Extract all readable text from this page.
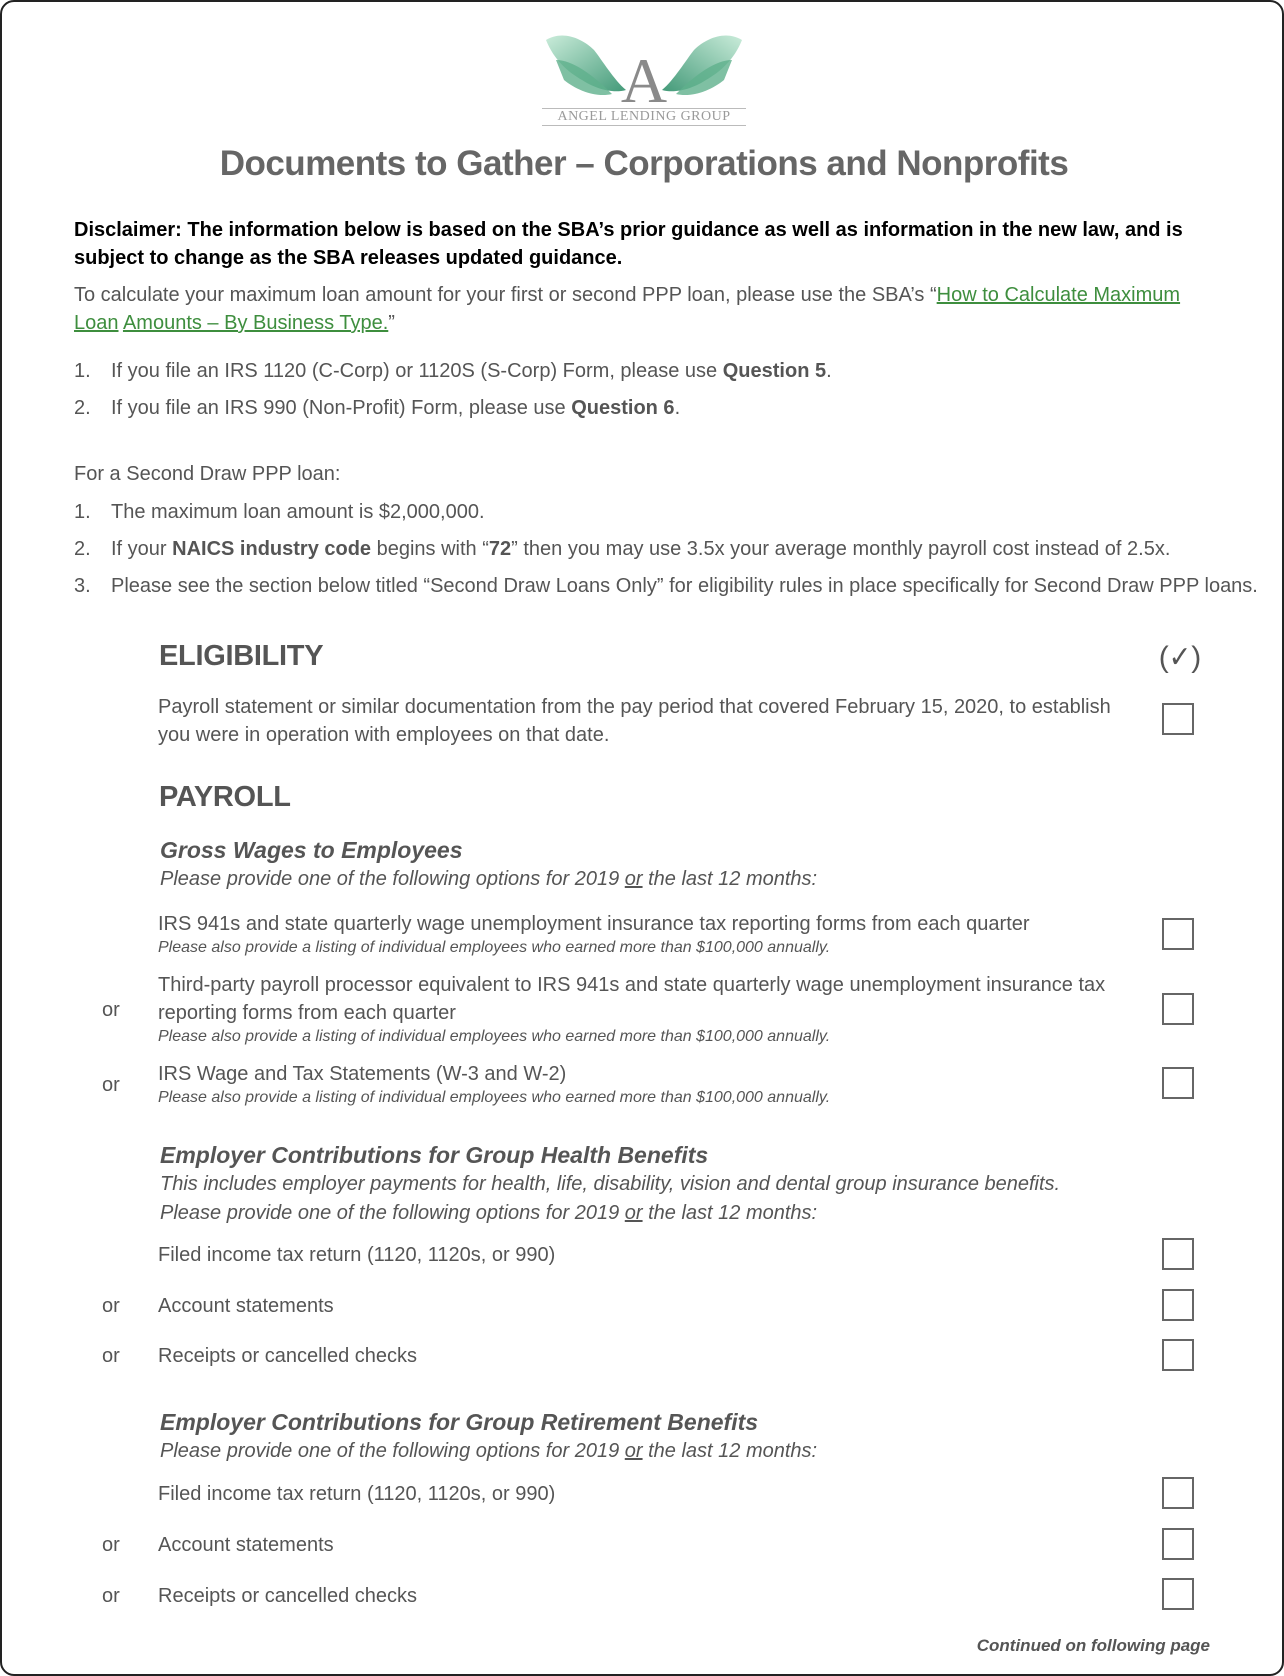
A
ANGEL LENDING GROUP
Documents to Gather – Corporations and Nonprofits

Disclaimer: The information below is based on the SBA’s prior guidance as well as information in the new law, and is subject to change as the SBA releases updated guidance.

To calculate your maximum loan amount for your first or second PPP loan, please use the SBA’s “How to Calculate Maximum Loan Amounts – By Business Type.”

1. If you file an IRS 1120 (C-Corp) or 1120S (S-Corp) Form, please use Question 5.
2. If you file an IRS 990 (Non-Profit) Form, please use Question 6.

For a Second Draw PPP loan:

1. The maximum loan amount is $2,000,000.
2. If your NAICS industry code begins with “72” then you may use 3.5x your average monthly payroll cost instead of 2.5x.
3. Please see the section below titled “Second Draw Loans Only” for eligibility rules in place specifically for Second Draw PPP loans.
ELIGIBILITY	(✓)
Payroll statement or similar documentation from the pay period that covered February 15, 2020, to establish you were in operation with employees on that date.
PAYROLL
Gross Wages to Employees
Please provide one of the following options for 2019 or the last 12 months:
IRS 941s and state quarterly wage unemployment insurance tax reporting forms from each quarter
Please also provide a listing of individual employees who earned more than $100,000 annually.
or
Third-party payroll processor equivalent to IRS 941s and state quarterly wage unemployment insurance tax reporting forms from each quarter
Please also provide a listing of individual employees who earned more than $100,000 annually.
or IRS Wage and Tax Statements (W-3 and W-2)
Please also provide a listing of individual employees who earned more than $100,000 annually.
Employer Contributions for Group Health Benefits
This includes employer payments for health, life, disability, vision and dental group insurance benefits.
Please provide one of the following options for 2019 or the last 12 months:
Filed income tax return (1120, 1120s, or 990)
or Account statements
or Receipts or cancelled checks
Employer Contributions for Group Retirement Benefits
Please provide one of the following options for 2019 or the last 12 months:
Filed income tax return (1120, 1120s, or 990)
or Account statements
or Receipts or cancelled checks
Continued on following page
